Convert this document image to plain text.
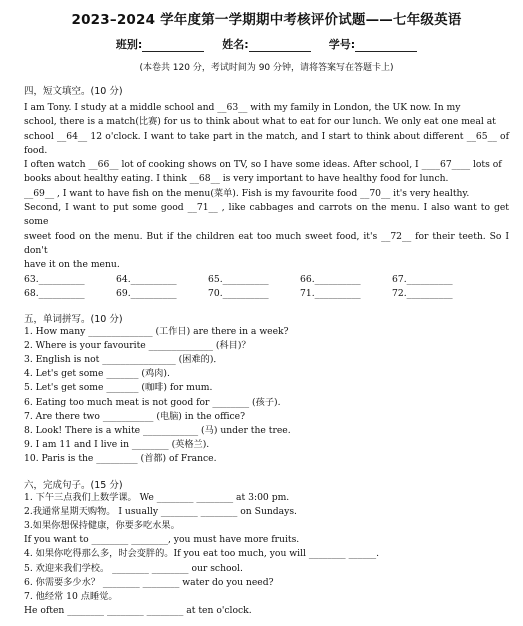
2023–2024 学年度第一学期期中考核评价试题——七年级英语
班别:	姓名:	学号:
(本卷共 120 分，考试时间为 90 分钟，请将答案写在答题卡上)
四，短文填空。(10 分)
I am Tony. I study at a middle school and __63__ with my family in London, the UK now. In my
school, there is a match(比赛) for us to think about what to eat for our lunch. We only eat one meal at
school __64__ 12 o'clock. I want to take part in the match, and I start to think about different __65__ of food.
I often watch __66__ lot of cooking shows on TV, so I have some ideas. After school, I ____67____ lots of
books about healthy eating. I think __68__ is very important to have healthy food for lunch.
__69__ , I want to have fish on the menu(菜单). Fish is my favourite food __70__ it's very healthy.
Second, I want to put some good __71__ , like cabbages and carrots on the menu. I also want to get some
sweet food on the menu. But if the children eat too much sweet food, it's __72__ for their teeth. So I don't
have it on the menu.
63.__________	64.__________	65.__________	66.__________	67.__________
68.__________	69.__________	70.__________	71.__________	72.__________
五，单词拼写。(10 分)
1. How many ______________ (工作日) are there in a week?
2. Where is your favourite ______________ (科目)？
3. English is not ________________ (困难的)．
4. Let's get some _______ (鸡肉).
5. Let's get some _______ (咖啡) for mum.
6. Eating too much meat is not good for ________ (孩子).
7. Are there two ___________ (电脑) in the office?
8. Look! There is a white ____________ (马) under the tree.
9. I am 11 and I live in ________ (英格兰).
10. Paris is the _________ (首都) of France.
六，完成句子。(15 分)
1. 下午三点我们上数学课。 We ________ ________ at 3:00 pm.
2.我通常星期天购物。 I usually ________ ________ on Sundays.
3.如果你想保持健康，你要多吃水果。
If you want to ________ ________, you must have more fruits.
4. 如果你吃得那么多，时会变胖的。If you eat too much, you will ________ ______.
5. 欢迎来我们学校。 ________ ________ our school.
6. 你需要多少水？ ________ ________ water do you need?
7. 他经常 10 点睡觉。
He often ________ ________ ________ at ten o'clock.
